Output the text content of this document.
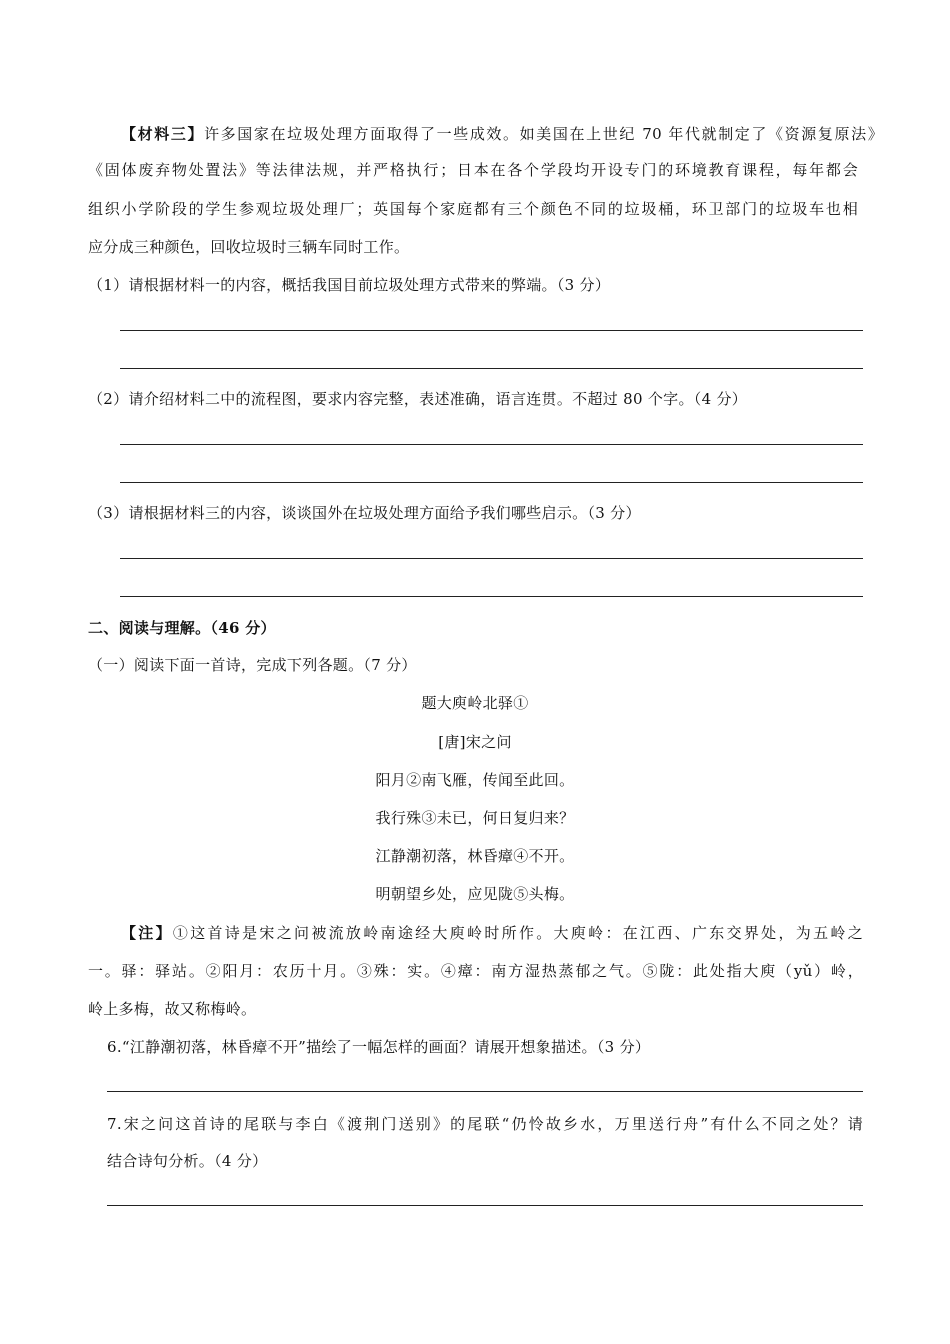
【材料三】许多国家在垃圾处理方面取得了一些成效。如美国在上世纪 70 年代就制定了《资源复原法》
《固体废弃物处置法》等法律法规，并严格执行；日本在各个学段均开设专门的环境教育课程，每年都会
组织小学阶段的学生参观垃圾处理厂；英国每个家庭都有三个颜色不同的垃圾桶，环卫部门的垃圾车也相
应分成三种颜色，回收垃圾时三辆车同时工作。
（1）请根据材料一的内容，概括我国目前垃圾处理方式带来的弊端。（3 分）
（2）请介绍材料二中的流程图，要求内容完整，表述准确，语言连贯。不超过 80 个字。（4 分）
（3）请根据材料三的内容，谈谈国外在垃圾处理方面给予我们哪些启示。（3 分）
二、阅读与理解。（46 分）
（一）阅读下面一首诗，完成下列各题。（7 分）
题大庾岭北驿①
[唐]宋之问
阳月②南飞雁，传闻至此回。
我行殊③未已，何日复归来？
江静潮初落，林昏瘴④不开。
明朝望乡处，应见陇⑤头梅。
【注】①这首诗是宋之问被流放岭南途经大庾岭时所作。大庾岭：在江西、广东交界处，为五岭之
一。驿：驿站。②阳月：农历十月。③殊：实。④瘴：南方湿热蒸郁之气。⑤陇：此处指大庾（yǔ）岭，
岭上多梅，故又称梅岭。
6.“江静潮初落，林昏瘴不开”描绘了一幅怎样的画面？请展开想象描述。（3 分）
7.宋之问这首诗的尾联与李白《渡荆门送别》的尾联“仍怜故乡水，万里送行舟”有什么不同之处？请
结合诗句分析。（4 分）
